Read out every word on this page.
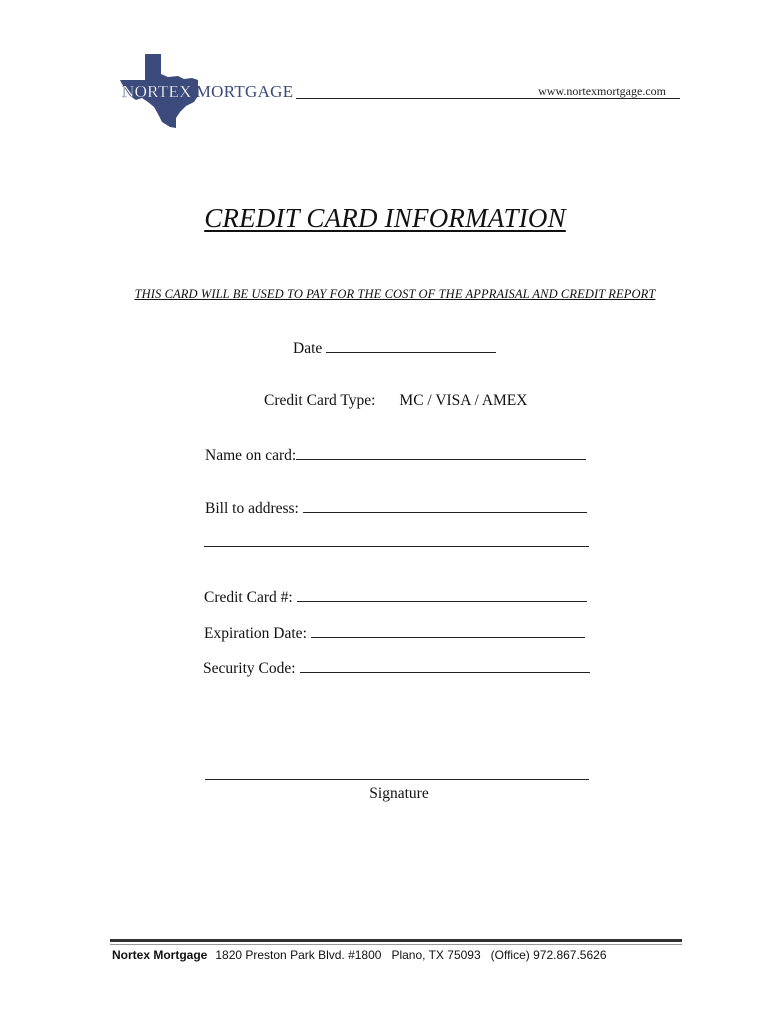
NORTEX MORTGAGE	www.nortexmortgage.com
CREDIT CARD INFORMATION
THIS CARD WILL BE USED TO PAY FOR THE COST OF THE APPRAISAL AND CREDIT REPORT
Date
Credit Card Type: MC / VISA / AMEX
Name on card:
Bill to address:
Credit Card #:
Expiration Date:
Security Code:
Signature
Nortex Mortgage 1820 Preston Park Blvd. #1800 Plano, TX 75093 (Office) 972.867.5626
